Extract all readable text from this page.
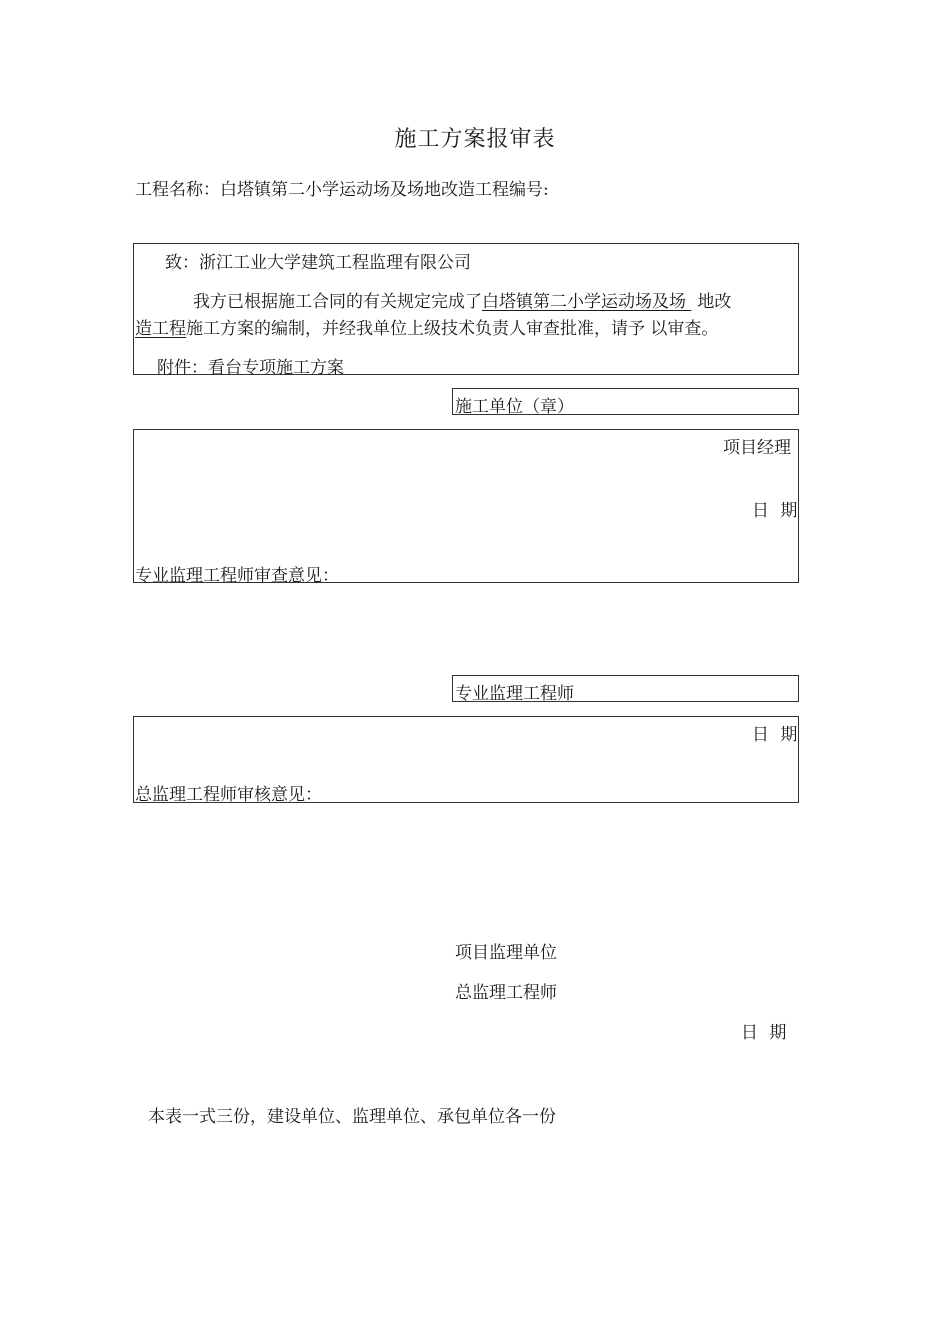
施工方案报审表
工程名称：白塔镇第二小学运动场及场地改造工程编号:
致：浙江工业大学建筑工程监理有限公司
我方已根据施工合同的有关规定完成了白塔镇第二小学运动场及场 地改
造工程施工方案的编制，并经我单位上级技术负责人审查批准，请予 以审查。
附件：看台专项施工方案
施工单位（章）
项目经理
日 期
专业监理工程师审查意见：
专业监理工程师
日 期
总监理工程师审核意见：
项目监理单位
总监理工程师
日 期
本表一式三份，建设单位、监理单位、承包单位各一份
